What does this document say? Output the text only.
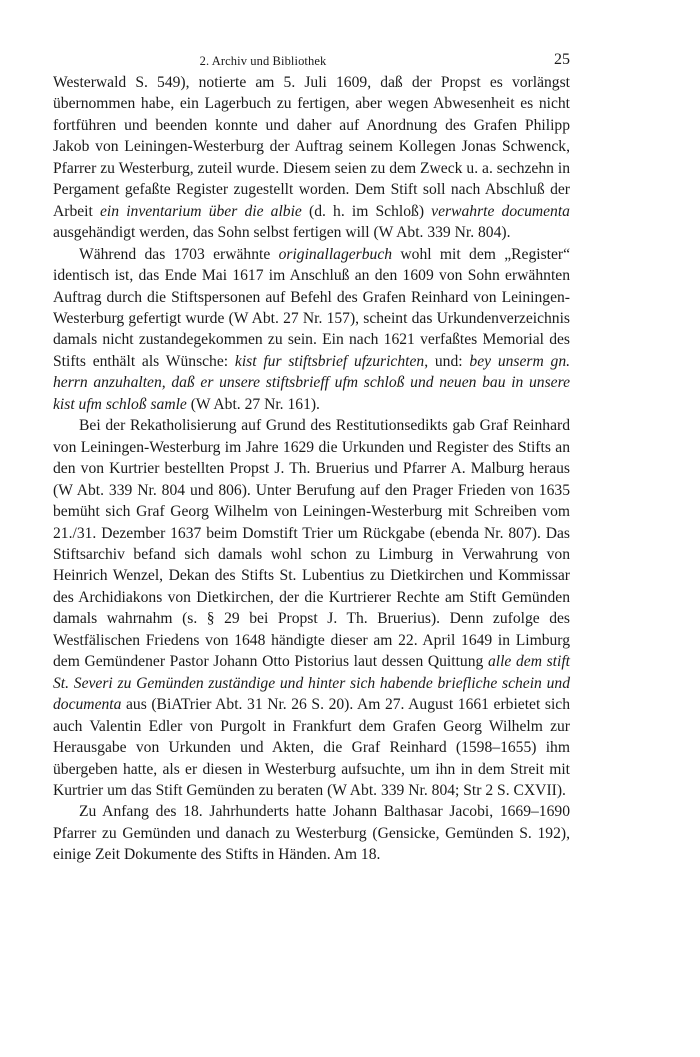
2. Archiv und Bibliothek	25

Westerwald S. 549), notierte am 5. Juli 1609, daß der Propst es vorlängst übernommen habe, ein Lagerbuch zu fertigen, aber wegen Abwesenheit es nicht fortführen und beenden konnte und daher auf Anordnung des Grafen Philipp Jakob von Leiningen-Westerburg der Auftrag seinem Kollegen Jonas Schwenck, Pfarrer zu Westerburg, zuteil wurde. Diesem seien zu dem Zweck u. a. sechzehn in Pergament gefaßte Register zugestellt worden. Dem Stift soll nach Abschluß der Arbeit ein inventarium über die albie (d. h. im Schloß) verwahrte documenta ausgehändigt werden, das Sohn selbst fertigen will (W Abt. 339 Nr. 804).

Während das 1703 erwähnte originallagerbuch wohl mit dem „Register“ identisch ist, das Ende Mai 1617 im Anschluß an den 1609 von Sohn erwähnten Auftrag durch die Stiftspersonen auf Befehl des Grafen Reinhard von Leiningen-Westerburg gefertigt wurde (W Abt. 27 Nr. 157), scheint das Urkundenverzeichnis damals nicht zustandegekommen zu sein. Ein nach 1621 verfaßtes Memorial des Stifts enthält als Wünsche: kist fur stiftsbrief ufzurichten, und: bey unserm gn. herrn anzuhalten, daß er unsere stiftsbrieff ufm schloß und neuen bau in unsere kist ufm schloß samle (W Abt. 27 Nr. 161).

Bei der Rekatholisierung auf Grund des Restitutionsedikts gab Graf Reinhard von Leiningen-Westerburg im Jahre 1629 die Urkunden und Register des Stifts an den von Kurtrier bestellten Propst J. Th. Bruerius und Pfarrer A. Malburg heraus (W Abt. 339 Nr. 804 und 806). Unter Berufung auf den Prager Frieden von 1635 bemüht sich Graf Georg Wilhelm von Leiningen-Westerburg mit Schreiben vom 21./31. Dezember 1637 beim Domstift Trier um Rückgabe (ebenda Nr. 807). Das Stiftsarchiv befand sich damals wohl schon zu Limburg in Verwahrung von Heinrich Wenzel, Dekan des Stifts St. Lubentius zu Dietkirchen und Kommissar des Archidiakons von Dietkirchen, der die Kurtrierer Rechte am Stift Gemünden damals wahrnahm (s. § 29 bei Propst J. Th. Bruerius). Denn zufolge des Westfälischen Friedens von 1648 händigte dieser am 22. April 1649 in Limburg dem Gemündener Pastor Johann Otto Pistorius laut dessen Quittung alle dem stift St. Severi zu Gemünden zuständige und hinter sich habende briefliche schein und documenta aus (BiATrier Abt. 31 Nr. 26 S. 20). Am 27. August 1661 erbietet sich auch Valentin Edler von Purgolt in Frankfurt dem Grafen Georg Wilhelm zur Herausgabe von Urkunden und Akten, die Graf Reinhard (1598–1655) ihm übergeben hatte, als er diesen in Westerburg aufsuchte, um ihn in dem Streit mit Kurtrier um das Stift Gemünden zu beraten (W Abt. 339 Nr. 804; Str 2 S. CXVII).

Zu Anfang des 18. Jahrhunderts hatte Johann Balthasar Jacobi, 1669–1690 Pfarrer zu Gemünden und danach zu Westerburg (Gensicke, Gemünden S. 192), einige Zeit Dokumente des Stifts in Händen. Am 18.
